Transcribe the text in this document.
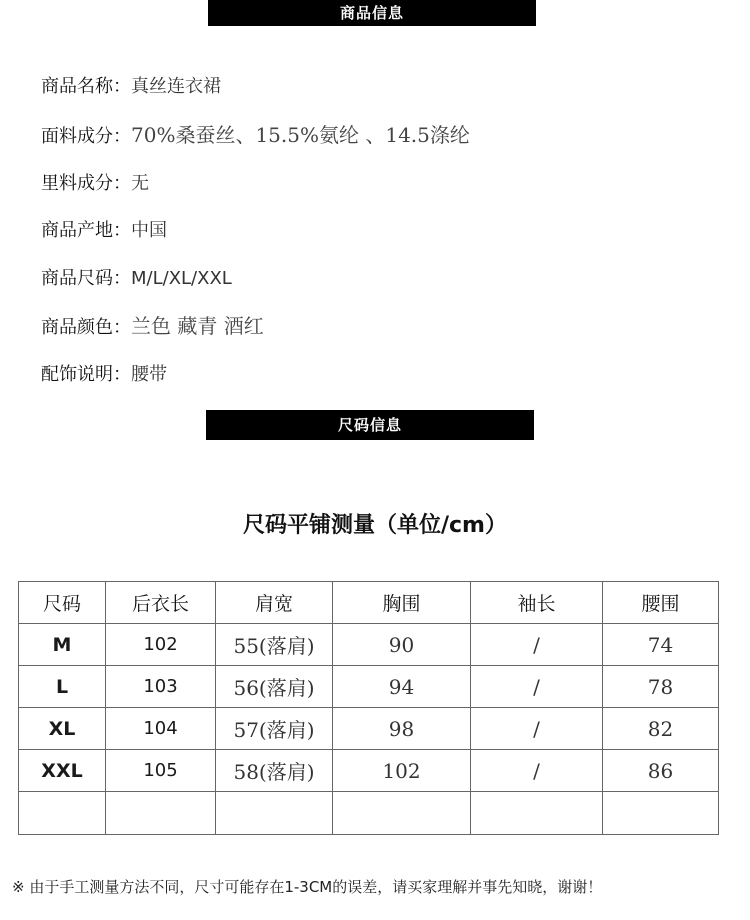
商品信息
商品名称：真丝连衣裙
面料成分：70%桑蚕丝、15.5%氨纶 、14.5涤纶
里料成分：无
商品产地：中国
商品尺码：M/L/XL/XXL
商品颜色：兰色 藏青 酒红
配饰说明：腰带
尺码信息
尺码平铺测量（单位/cm）
尺码	后衣长	肩宽	胸围	袖长	腰围
M	102	55(落肩)	90	/	74
L	103	56(落肩)	94	/	78
XL	104	57(落肩)	98	/	82
XXL	105	58(落肩)	102	/	86

※ 由于手工测量方法不同，尺寸可能存在1-3CM的误差，请买家理解并事先知晓，谢谢！
